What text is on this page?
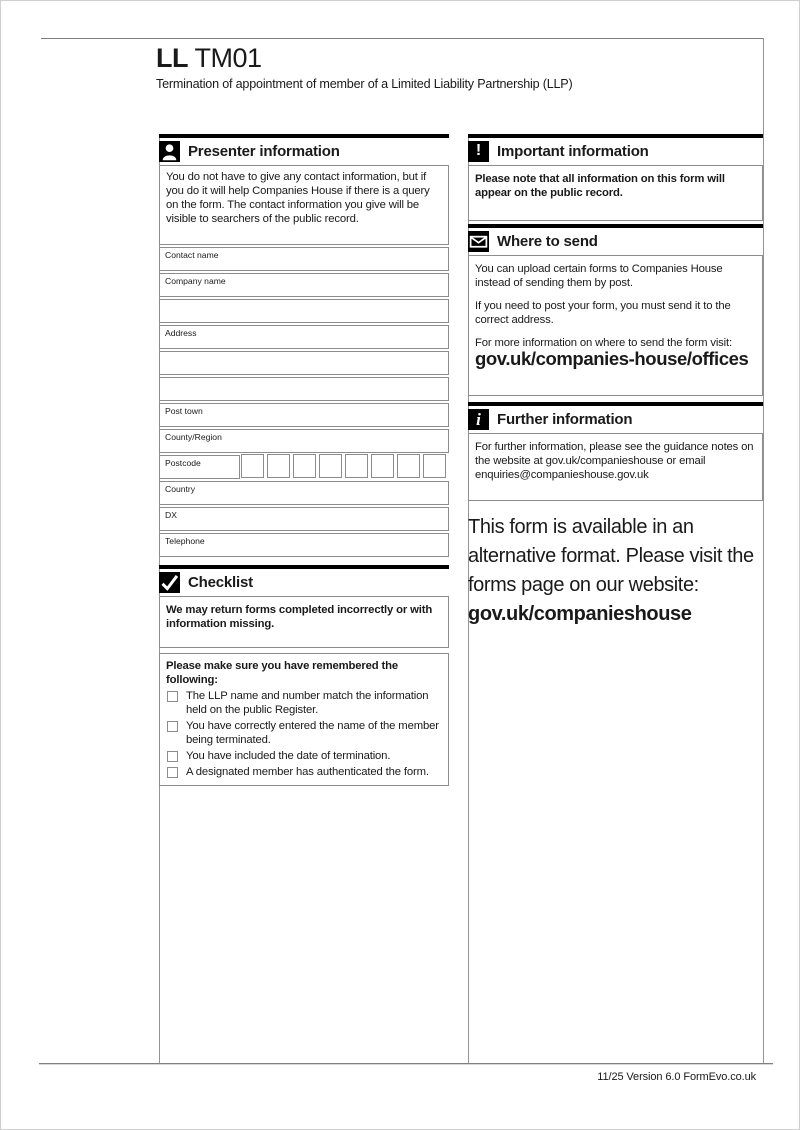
LL TM01
Termination of appointment of member of a Limited Liability Partnership (LLP)
Presenter information
You do not have to give any contact information, but if you do it will help Companies House if there is a query on the form. The contact information you give will be visible to searchers of the public record.
Contact name
Company name
Address
Post town
County/Region
Postcode
Country
DX
Telephone
Checklist
We may return forms completed incorrectly or with information missing.
Please make sure you have remembered the following:
The LLP name and number match the information held on the public Register.
You have correctly entered the name of the member being terminated.
You have included the date of termination.
A designated member has authenticated the form.
! Important information
Please note that all information on this form will appear on the public record.
Where to send

You can upload certain forms to Companies House instead of sending them by post.

If you need to post your form, you must send it to the correct address.

For more information on where to send the form visit:

gov.uk/companies-house/offices
i Further information
For further information, please see the guidance notes on the website at gov.uk/companieshouse or email enquiries@companieshouse.gov.uk
This form is available in an alternative format. Please visit the forms page on our website:
gov.uk/companieshouse
11/25 Version 6.0 FormEvo.co.uk
